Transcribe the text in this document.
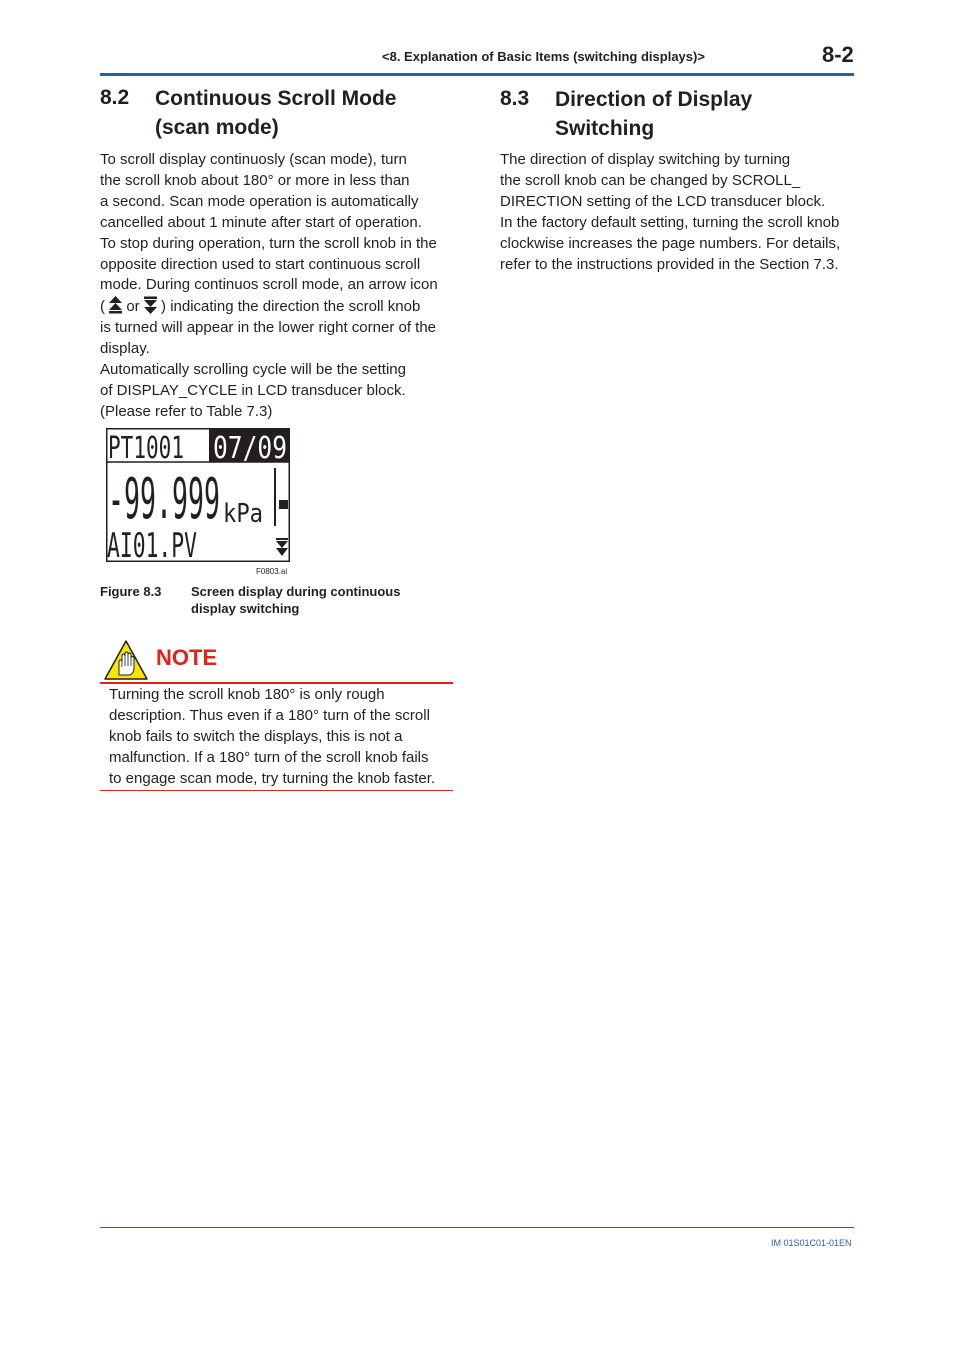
<8. Explanation of Basic Items (switching displays)>	8-2
8.2 Continuous Scroll Mode
(scan mode)

To scroll display continuosly (scan mode), turn

the scroll knob about 180° or more in less than

a second. Scan mode operation is automatically

cancelled about 1 minute after start of operation.

To stop during operation, turn the scroll knob in the

opposite direction used to start continuous scroll

mode. During continuos scroll mode, an arrow icon

(  or  ) indicating the direction the scroll knob

is turned will appear in the lower right corner of the

display.

Automatically scrolling cycle will be the setting

of DISPLAY_CYCLE in LCD transducer block.

(Please refer to Table 7.3)

PT1001 07/09
-99.999 kPa
AI01.PV
F0803.ai
Figure 8.3 Screen display during continuous
display switching
NOTE

Turning the scroll knob 180° is only rough

description. Thus even if a 180° turn of the scroll

knob fails to switch the displays, this is not a

malfunction. If a 180° turn of the scroll knob fails

to engage scan mode, try turning the knob faster.

8.3 Direction of Display
Switching

The direction of display switching by turning

the scroll knob can be changed by SCROLL_

DIRECTION setting of the LCD transducer block.

In the factory default setting, turning the scroll knob

clockwise increases the page numbers. For details,

refer to the instructions provided in the Section 7.3.

IM 01S01C01-01EN
